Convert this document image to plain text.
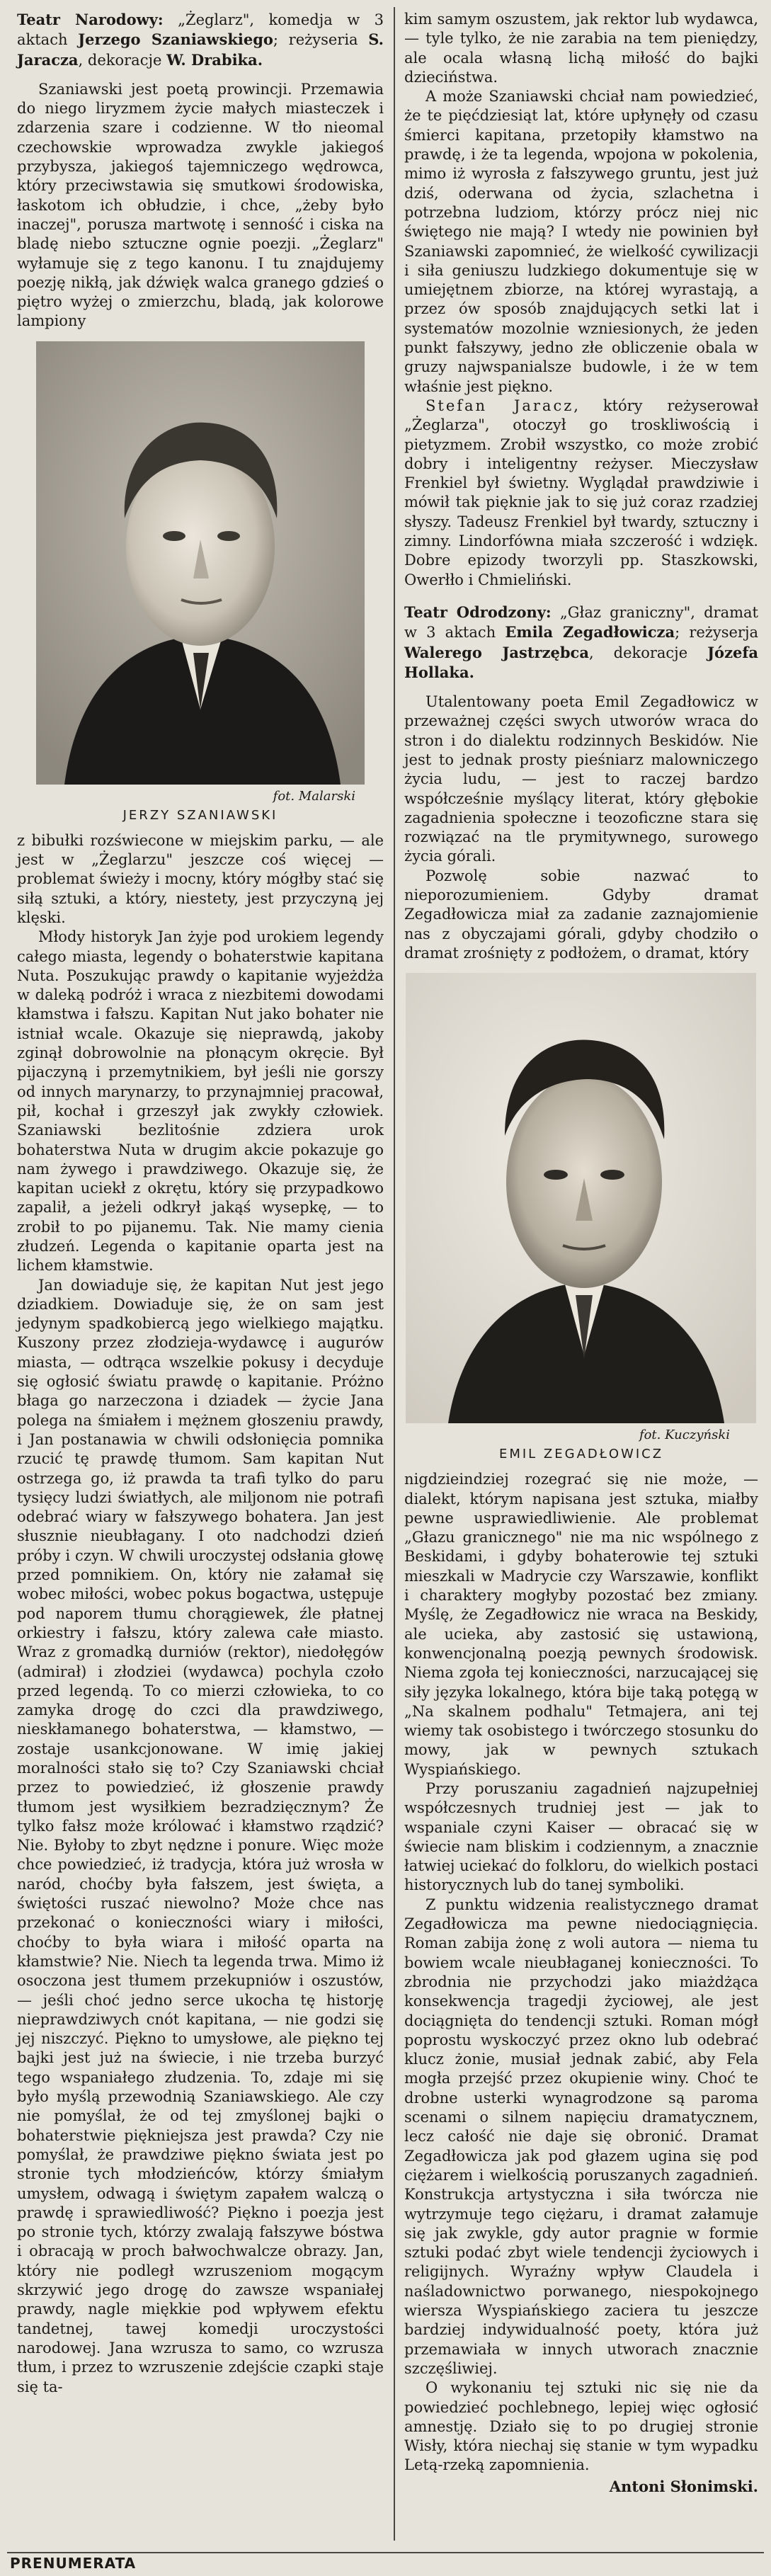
Teatr Narodowy: „Żeglarz", komedja w 3 aktach Jerzego Szaniawskiego; reżyseria S. Jaracza, dekoracje W. Drabika.

Szaniawski jest poetą prowincji. Przemawia do niego liryzmem życie małych miasteczek i zdarzenia szare i codzienne. W tło nieomal czechowskie wprowadza zwykle jakiegoś przybysza, jakiegoś tajemniczego wędrowca, który przeciwstawia się smutkowi środowiska, łaskotom ich obłudzie, i chce, „żeby było inaczej", porusza martwotę i senność i ciska na bladę niebo sztuczne ognie poezji. „Żeglarz" wyłamuje się z tego kanonu. I tu znajdujemy poezję nikłą, jak dźwięk walca granego gdzieś o piętro wyżej o zmierzchu, bladą, jak kolorowe lampiony

fot. Malarski
JERZY SZANIAWSKI

z bibułki rozświecone w miejskim parku, — ale jest w „Żeglarzu" jeszcze coś więcej — problemat świeży i mocny, który mógłby stać się siłą sztuki, a który, niestety, jest przyczyną jej klęski.

Młody historyk Jan żyje pod urokiem legendy całego miasta, legendy o bohaterstwie kapitana Nuta. Poszukując prawdy o kapitanie wyjeżdża w daleką podróż i wraca z niezbitemi dowodami kłamstwa i fałszu. Kapitan Nut jako bohater nie istniał wcale. Okazuje się nieprawdą, jakoby zginął dobrowolnie na płonącym okręcie. Był pijaczyną i przemytnikiem, był jeśli nie gorszy od innych marynarzy, to przynajmniej pracował, pił, kochał i grzeszył jak zwykły człowiek. Szaniawski bezlitośnie zdziera urok bohaterstwa Nuta w drugim akcie pokazuje go nam żywego i prawdziwego. Okazuje się, że kapitan uciekł z okrętu, który się przypadkowo zapalił, a jeżeli odkrył jakąś wysepkę, — to zrobił to po pijanemu. Tak. Nie mamy cienia złudzeń. Legenda o kapitanie oparta jest na lichem kłamstwie.

Jan dowiaduje się, że kapitan Nut jest jego dziadkiem. Dowiaduje się, że on sam jest jedynym spadkobiercą jego wielkiego majątku. Kuszony przez złodzieja-wydawcę i augurów miasta, — odtrąca wszelkie pokusy i decyduje się ogłosić światu prawdę o kapitanie. Próżno błaga go narzeczona i dziadek — życie Jana polega na śmiałem i mężnem głoszeniu prawdy, i Jan postanawia w chwili odsłonięcia pomnika rzucić tę prawdę tłumom. Sam kapitan Nut ostrzega go, iż prawda ta trafi tylko do paru tysięcy ludzi światłych, ale miljonom nie potrafi odebrać wiary w fałszywego bohatera. Jan jest słusznie nieubłagany. I oto nadchodzi dzień próby i czyn. W chwili uroczystej odsłania głowę przed pomnikiem. On, który nie załamał się wobec miłości, wobec pokus bogactwa, ustępuje pod naporem tłumu chorągiewek, źle płatnej orkiestry i fałszu, który zalewa całe miasto. Wraz z gromadką durniów (rektor), niedołęgów (admirał) i złodziei (wydawca) pochyla czoło przed legendą. To co mierzi człowieka, to co zamyka drogę do czci dla prawdziwego, nieskłamanego bohaterstwa, — kłamstwo, — zostaje usankcjonowane. W imię jakiej moralności stało się to? Czy Szaniawski chciał przez to powiedzieć, iż głoszenie prawdy tłumom jest wysiłkiem bezradzięcznym? Że tylko fałsz może królować i kłamstwo rządzić? Nie. Byłoby to zbyt nędzne i ponure. Więc może chce powiedzieć, iż tradycja, która już wrosła w naród, choćby była fałszem, jest święta, a świętości ruszać niewolno? Może chce nas przekonać o konieczności wiary i miłości, choćby to była wiara i miłość oparta na kłamstwie? Nie. Niech ta legenda trwa. Mimo iż osoczona jest tłumem przekupniów i oszustów, — jeśli choć jedno serce ukocha tę historję nieprawdziwych cnót kapitana, — nie godzi się jej niszczyć. Piękno to umysłowe, ale piękno tej bajki jest już na świecie, i nie trzeba burzyć tego wspaniałego złudzenia. To, zdaje mi się było myślą przewodnią Szaniawskiego. Ale czy nie pomyślał, że od tej zmyślonej bajki o bohaterstwie piękniejsza jest prawda? Czy nie pomyślał, że prawdziwe piękno świata jest po stronie tych młodzieńców, którzy śmiałym umysłem, odwagą i świętym zapałem walczą o prawdę i sprawiedliwość? Piękno i poezja jest po stronie tych, którzy zwalają fałszywe bóstwa i obracają w proch bałwochwalcze obrazy. Jan, który nie podległ wzruszeniom mogącym skrzywić jego drogę do zawsze wspaniałej prawdy, nagle miękkie pod wpływem efektu tandetnej, tawej komedji uroczystości narodowej. Jana wzrusza to samo, co wzrusza tłum, i przez to wzruszenie zdejście czapki staje się ta-

kim samym oszustem, jak rektor lub wydawca, — tyle tylko, że nie zarabia na tem pieniędzy, ale ocala własną lichą miłość do bajki dzieciństwa.

A może Szaniawski chciał nam powiedzieć, że te pięćdziesiąt lat, które upłynęły od czasu śmierci kapitana, przetopiły kłamstwo na prawdę, i że ta legenda, wpojona w pokolenia, mimo iż wyrosła z fałszywego gruntu, jest już dziś, oderwana od życia, szlachetna i potrzebna ludziom, którzy prócz niej nic świętego nie mają? I wtedy nie powinien był Szaniawski zapomnieć, że wielkość cywilizacji i siła geniuszu ludzkiego dokumentuje się w umiejętnem zbiorze, na której wyrastają, a przez ów sposób znajdujących setki lat i systematów mozolnie wzniesionych, że jeden punkt fałszywy, jedno złe obliczenie obala w gruzy najwspanialsze budowle, i że w tem właśnie jest piękno.

Stefan Jaracz, który reżyserował „Żeglarza", otoczył go troskliwością i pietyzmem. Zrobił wszystko, co może zrobić dobry i inteligentny reżyser. Mieczysław Frenkiel był świetny. Wyglądał prawdziwie i mówił tak pięknie jak to się już coraz rzadziej słyszy. Tadeusz Frenkiel był twardy, sztuczny i zimny. Lindorfówna miała szczerość i wdzięk. Dobre epizody tworzyli pp. Staszkowski, Owerłło i Chmieliński.

Teatr Odrodzony: „Głaz graniczny", dramat w 3 aktach Emila Zegadłowicza; reżyserja Walerego Jastrzębca, dekoracje Józefa Hollaka.

Utalentowany poeta Emil Zegadłowicz w przeważnej części swych utworów wraca do stron i do dialektu rodzinnych Beskidów. Nie jest to jednak prosty pieśniarz malowniczego życia ludu, — jest to raczej bardzo współcześnie myślący literat, który głębokie zagadnienia społeczne i teozoficzne stara się rozwiązać na tle prymitywnego, surowego życia górali.

Pozwolę sobie nazwać to nieporozumieniem. Gdyby dramat Zegadłowicza miał za zadanie zaznajomienie nas z obyczajami górali, gdyby chodziło o dramat zrośnięty z podłożem, o dramat, który

fot. Kuczyński
EMIL ZEGADŁOWICZ

nigdzieindziej rozegrać się nie może, — dialekt, którym napisana jest sztuka, miałby pewne usprawiedliwienie. Ale problemat „Głazu granicznego" nie ma nic wspólnego z Beskidami, i gdyby bohaterowie tej sztuki mieszkali w Madrycie czy Warszawie, konflikt i charaktery mogłyby pozostać bez zmiany. Myślę, że Zegadłowicz nie wraca na Beskidy, ale ucieka, aby zastosić się ustawioną, konwencjonalną poezją pewnych środowisk. Niema zgoła tej konieczności, narzucającej się siły języka lokalnego, która bije taką potęgą w „Na skalnem podhalu" Tetmajera, ani tej wiemy tak osobistego i twórczego stosunku do mowy, jak w pewnych sztukach Wyspiańskiego.

Przy poruszaniu zagadnień najzupełniej współczesnych trudniej jest — jak to wspaniale czyni Kaiser — obracać się w świecie nam bliskim i codziennym, a znacznie łatwiej uciekać do folkloru, do wielkich postaci historycznych lub do tanej symboliki.

Z punktu widzenia realistycznego dramat Zegadłowicza ma pewne niedociągnięcia. Roman zabija żonę z woli autora — niema tu bowiem wcale nieubłaganej konieczności. To zbrodnia nie przychodzi jako miażdżąca konsekwencja tragedji życiowej, ale jest dociągnięta do tendencji sztuki. Roman mógł poprostu wyskoczyć przez okno lub odebrać klucz żonie, musiał jednak zabić, aby Fela mogła przejść przez okupienie winy. Choć te drobne usterki wynagrodzone są paroma scenami o silnem napięciu dramatycznem, lecz całość nie daje się obronić. Dramat Zegadłowicza jak pod głazem ugina się pod ciężarem i wielkością poruszanych zagadnień. Konstrukcja artystyczna i siła twórcza nie wytrzymuje tego ciężaru, i dramat załamuje się jak zwykle, gdy autor pragnie w formie sztuki podać zbyt wiele tendencji życiowych i religijnych. Wyraźny wpływ Claudela i naśladownictwo porwanego, niespokojnego wiersza Wyspiańskiego zaciera tu jeszcze bardziej indywidualność poety, która już przemawiała w innych utworach znacznie szczęśliwiej.

O wykonaniu tej sztuki nic się nie da powiedzieć pochlebnego, lepiej więc ogłosić amnestję. Działo się to po drugiej stronie Wisły, która niechaj się stanie w tym wypadku Letą-rzeką zapomnienia.

Antoni Słonimski.
PRENUMERATA
